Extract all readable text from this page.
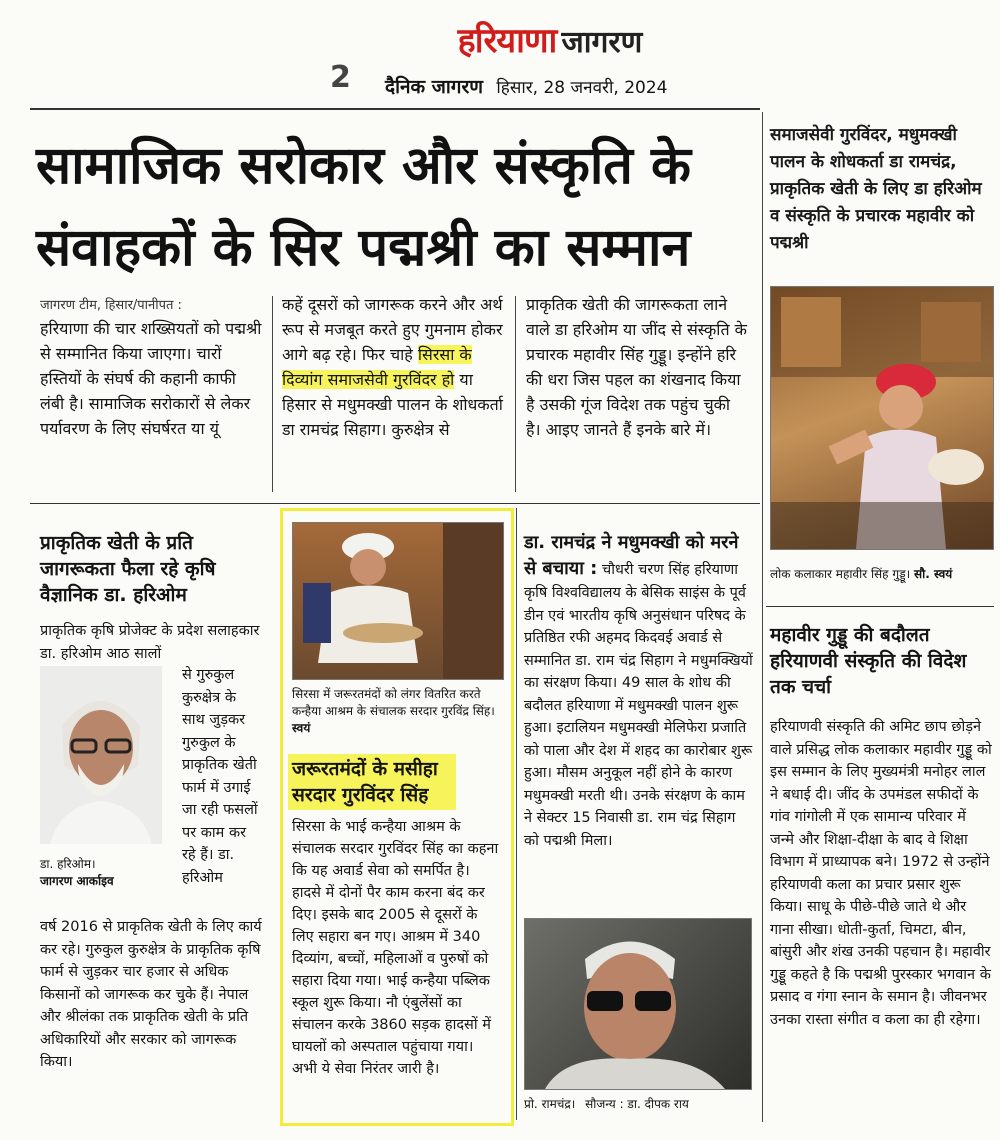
हरियाणा जागरण
2 दैनिक जागरण हिसार, 28 जनवरी, 2024
सामाजिक सरोकार और संस्कृति के
संवाहकों के सिर पद्मश्री का सम्मान
समाजसेवी गुरविंदर, मधुमक्खी पालन के शोधकर्ता डा रामचंद्र, प्राकृतिक खेती के लिए डा हरिओम व संस्कृति के प्रचारक महावीर को पद्मश्री
जागरण टीम, हिसार/पानीपत :
हरियाणा की चार शख्सियतों को पद्मश्री से सम्मानित किया जाएगा। चारों हस्तियों के संघर्ष की कहानी काफी लंबी है। सामाजिक सरोकारों से लेकर पर्यावरण के लिए संघर्षरत या यूं
कहें दूसरों को जागरूक करने और अर्थ रूप से मजबूत करते हुए गुमनाम होकर आगे बढ़ रहे। फिर चाहे सिरसा के दिव्यांग समाजसेवी गुरविंदर हो या हिसार से मधुमक्खी पालन के शोधकर्ता डा रामचंद्र सिहाग। कुरुक्षेत्र से
प्राकृतिक खेती की जागरूकता लाने वाले डा हरिओम या जींद से संस्कृति के प्रचारक महावीर सिंह गुड्डू। इन्होंने हरि की धरा जिस पहल का शंखनाद किया है उसकी गूंज विदेश तक पहुंच चुकी है। आइए जानते हैं इनके बारे में।
लोक कलाकार महावीर सिंह गुड्डू। सौ. स्वयं
महावीर गुड्डू की बदौलत हरियाणवी संस्कृति की विदेश तक चर्चा
हरियाणवी संस्कृति की अमिट छाप छोड़ने वाले प्रसिद्ध लोक कलाकार महावीर गुड्डू को इस सम्मान के लिए मुख्यमंत्री मनोहर लाल ने बधाई दी। जींद के उपमंडल सफीदों के गांव गांगोली में एक सामान्य परिवार में जन्मे और शिक्षा-दीक्षा के बाद वे शिक्षा विभाग में प्राध्यापक बने। 1972 से उन्होंने हरियाणवी कला का प्रचार प्रसार शुरू किया। साधू के पीछे-पीछे जाते थे और गाना सीखा। धोती-कुर्ता, चिमटा, बीन, बांसुरी और शंख उनकी पहचान है। महावीर गुड्डू कहते है कि पद्मश्री पुरस्कार भगवान के प्रसाद व गंगा स्नान के समान है। जीवनभर उनका रास्ता संगीत व कला का ही रहेगा।
प्राकृतिक खेती के प्रति जागरूकता फैला रहे कृषि वैज्ञानिक डा. हरिओम
प्राकृतिक कृषि प्रोजेक्ट के प्रदेश सलाहकार डा. हरिओम आठ सालों
डा. हरिओम।
जागरण आर्काइव
से गुरुकुल कुरुक्षेत्र के साथ जुड़कर गुरुकुल के प्राकृतिक खेती फार्म में उगाई जा रही फसलों पर काम कर रहे हैं। डा. हरिओम
वर्ष 2016 से प्राकृतिक खेती के लिए कार्य कर रहे। गुरुकुल कुरुक्षेत्र के प्राकृतिक कृषि फार्म से जुड़कर चार हजार से अधिक किसानों को जागरूक कर चुके हैं। नेपाल और श्रीलंका तक प्राकृतिक खेती के प्रति अधिकारियों और सरकार को जागरूक किया।
सिरसा में जरूरतमंदों को लंगर वितरित करते कन्हैया आश्रम के संचालक सरदार गुरविंद्र सिंह। स्वयं
जरूरतमंदों के मसीहा सरदार गुरविंदर सिंह
सिरसा के भाई कन्हैया आश्रम के संचालक सरदार गुरविंदर सिंह का कहना कि यह अवार्ड सेवा को समर्पित है। हादसे में दोनों पैर काम करना बंद कर दिए। इसके बाद 2005 से दूसरों के लिए सहारा बन गए। आश्रम में 340 दिव्यांग, बच्चों, महिलाओं व पुरुषों को सहारा दिया गया। भाई कन्हैया पब्लिक स्कूल शुरू किया। नौ एंबुलेंसों का संचालन करके 3860 सड़क हादसों में घायलों को अस्पताल पहुंचाया गया। अभी ये सेवा निरंतर जारी है।
डा. रामचंद्र ने मधुमक्खी को मरने से बचाया : चौधरी चरण सिंह हरियाणा कृषि विश्वविद्यालय के बेसिक साइंस के पूर्व डीन एवं भारतीय कृषि अनुसंधान परिषद के प्रतिष्ठित रफी अहमद किदवई अवार्ड से सम्मानित डा. राम चंद्र सिहाग ने मधुमक्खियों का संरक्षण किया। 49 साल के शोध की बदौलत हरियाणा में मधुमक्खी पालन शुरू हुआ। इटालियन मधुमक्खी मेलिफेरा प्रजाति को पाला और देश में शहद का कारोबार शुरू हुआ। मौसम अनुकूल नहीं होने के कारण मधुमक्खी मरती थी। उनके संरक्षण के काम ने सेक्टर 15 निवासी डा. राम चंद्र सिहाग को पद्मश्री मिला।
प्रो. रामचंद्र। सौजन्य : डा. दीपक राय
